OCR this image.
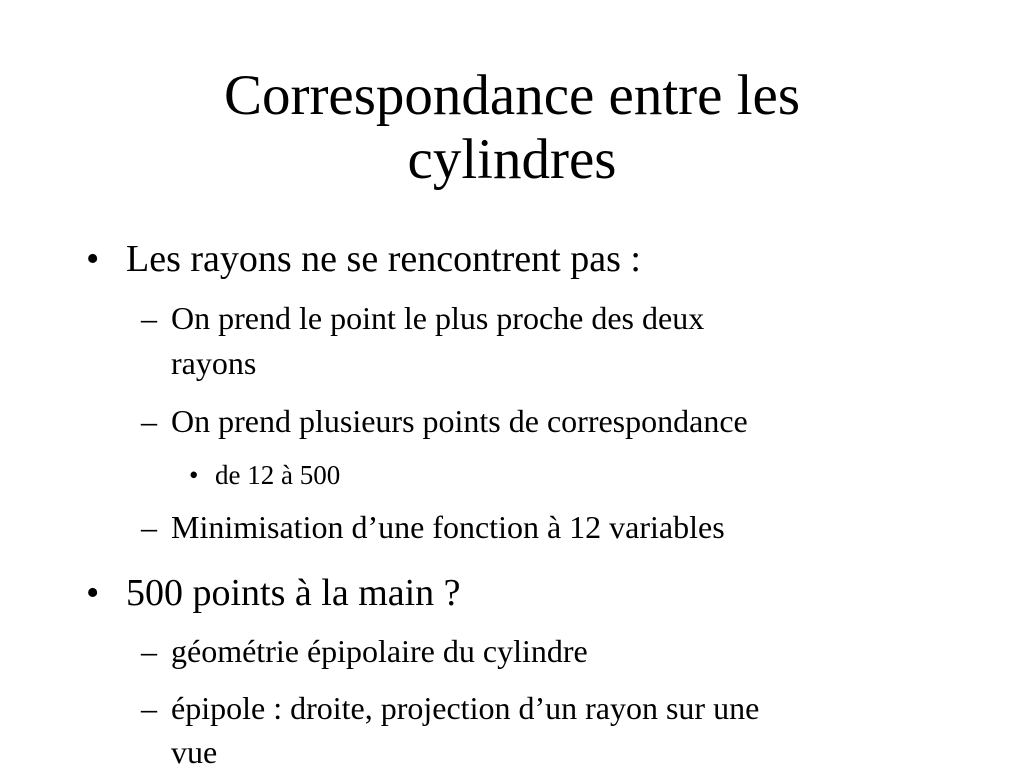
Correspondance entre les
cylindres
• Les rayons ne se rencontrent pas :
– On prend le point le plus proche des deux
rayons
– On prend plusieurs points de correspondance
• de 12 à 500
– Minimisation d’une fonction à 12 variables
• 500 points à la main ?
– géométrie épipolaire du cylindre
– épipole : droite, projection d’un rayon sur une
vue
